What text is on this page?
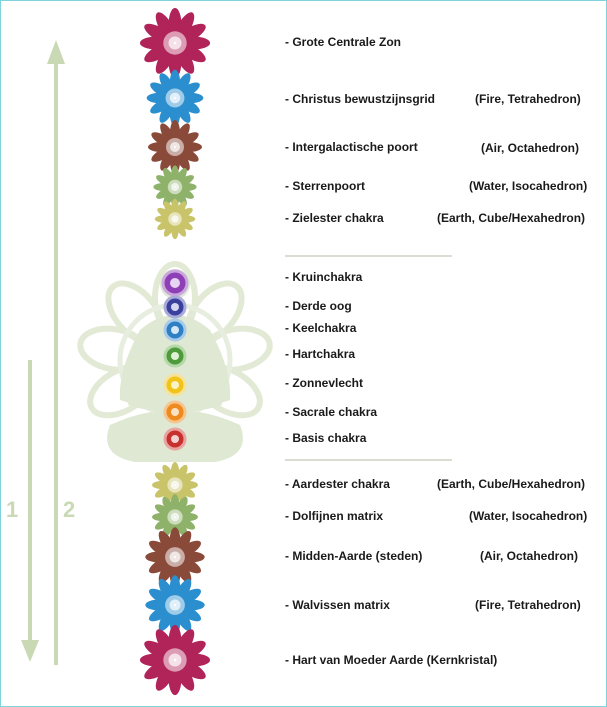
1 2
- Grote Centrale Zon
- Christus bewustzijnsgrid	(Fire, Tetrahedron)
- Intergalactische poort	(Air, Octahedron)
- Sterrenpoort	(Water, Isocahedron)
- Zielester chakra	(Earth, Cube/Hexahedron)
- Kruinchakra
- Derde oog
- Keelchakra
- Hartchakra
- Zonnevlecht
- Sacrale chakra
- Basis chakra
- Aardester chakra	(Earth, Cube/Hexahedron)
- Dolfijnen matrix	(Water, Isocahedron)
- Midden-Aarde (steden)	(Air, Octahedron)
- Walvissen matrix	(Fire, Tetrahedron)
- Hart van Moeder Aarde (Kernkristal)
